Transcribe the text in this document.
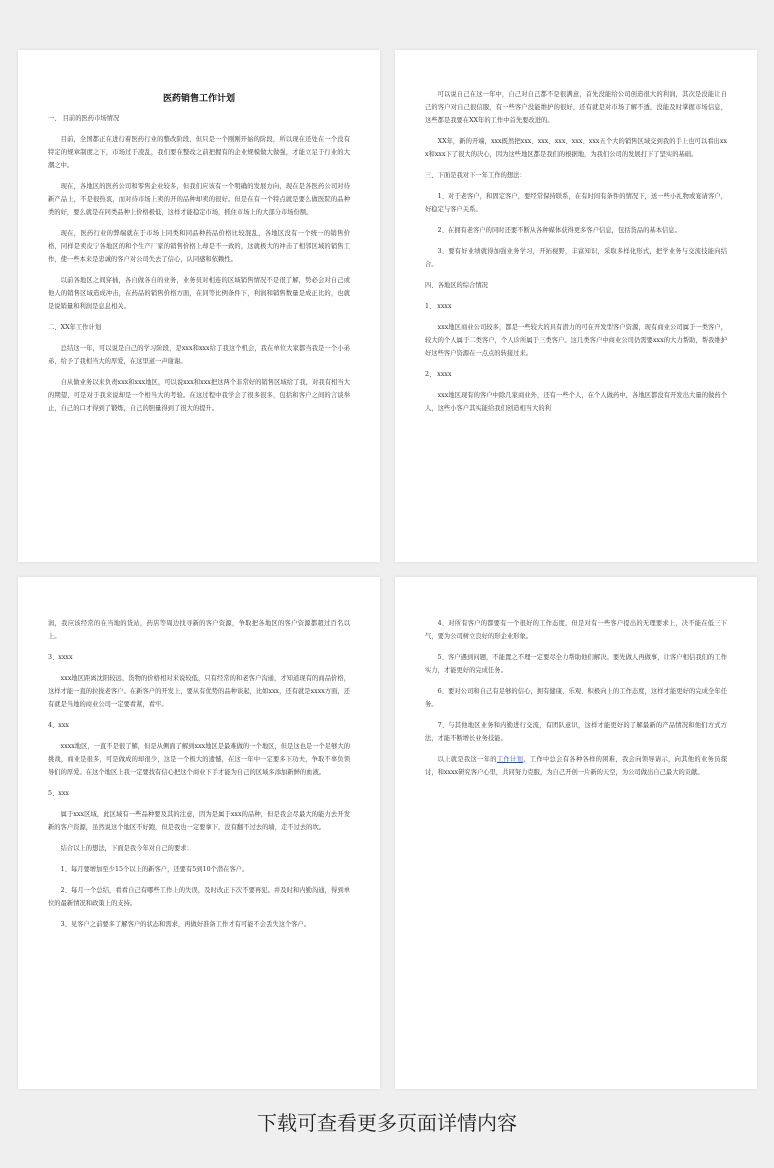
医药销售工作计划

一、 目前的医药市场情况

目前，全国都正在进行着医药行业的整改阶段，但只是一个刚刚开始的阶段，所以现在还处在一个没有特定的规章制度之下，市场过于凌乱，我们要在整改之前把握有的企业规模做大做强，才能立足于行业的大潮之中。

现在，各地区的医药公司和零售企业较多，但我们应该有一个明确的发展方向，现在是各医药公司对待新产品上，不是很热衷，而对待市场上卖的开的品种却卖的很好。但是在有一个特点就是要么做医院的品种类的好，要么就是在同类品种上价格极低，这样才能稳定市场，抓住市场上的大部分市场份额。

现在，医药行业的弊端就在于市场上同类和同品种药品价格比较混乱，各地区没有一个统一的销售价格，同样是卖皮宁各地区的和个生产厂家的销售价格上却是不一致的，这就极大的冲击了相邻区域的销售工作，使一些本来是忠诚的客户对公司失去了信心，认同感和依赖性。

以前各地区之间穿插，各自做各自的业务，业务员对相连的区域销售情况不是很了解，势必会对自己或他人的销售区域造成冲击，在药品的销售价格方面，在同等比例条件下，利润和销售数量是成正比的，也就是说销量和利润是息息相关。

二、XX年工作计划

总结这一年，可以说是自己的学习阶段，是xxx和xxx给了我这个机会，我在单位大家都当我是一个小弟弟，给予了我相当大的厚爱，在这里道一声谢谢。

自从做业务以来负责xxx和xxx地区，可以说xxx和xxx把这两个非常好的销售区域给了我，对我有相当大的期望，可是对于我来说却是一个相当大的考验。在这过程中我学会了很多很多，包括和客户之间的言谈举止，自己的口才得到了锻炼，自己的胆量得到了很大的提升。

可以说自己在这一年中，自己对自己都不是很满意，首先没能给公司创造很大的利润，其次是没能让自己的客户对自己很信服，有一些客户没能维护的很好，还有就是对市场了解不透，没能及时掌握市场信息，这些都是我要在XX年的工作中首先要改进的。

XX年，新的开端，xxx既然把xxx、xxx、xxx、xxx、xxx五个大的销售区域交到我的手上也可以看出xxx和xxx下了很大的决心，因为这些地区都是我们的根据地，为我们公司的发展打下了坚实的基础。

三、下面是我对下一年工作的想法：

1、对于老客户，和固定客户，要经常保持联系，在有时间有条件的情况下，送一些小礼物或宴请客户，好稳定与客户关系。

2、在拥有老客户的同时还要不断从各种媒体获得更多客户信息，包括货品的基本信息。

3、要有好业绩就得加强业务学习，开拓视野，丰富知识，采取多样化形式，把学业务与交流技能向结合。

四、各地区的综合情况

1、 xxxx

xxx地区商业公司较多，都是一些较大的具有潜力的可在开发型客户资源，现有商业公司属于一类客户，较大的个人属于二类客户，个人诊所属于三类客户。这几类客户中商业公司仍需要xxx的大力帮助，帮我维护好这些客户资源在一点点的转接过来。

2、 xxxx

xxx地区现有的客户中除几家商业外，还有一些个人，在个人做药中，各地区都没有开发出大量的做药个人，这些小客户其实能给我们创造相当大的利

润，我应该经常的在当地的货站，药店等周边找寻新的客户资源，争取把各地区的客户资源都超过百名以上。

3、xxxx

xxx地区距离沈阳较远，货物的价格相对来说较低，只有经常的和老客户沟通，才知道现有的商品价格，这样才能一直的拉拢老客户。在新客户的开发上，要从有优势的品种谈起，比如xxx，还有就是xxxx方面，还有就是当地的商业公司一定要看紧，看牢。

4、xxx

xxxx地区，一直不是很了解，但是从侧面了解到xxx地区是最难做的一个地区，但是这也是一个足够大的挑战，商业是很多，可是做成的却很少，这是一个极大的遗憾，在这一年中一定要多下功夫，争取不辜负领导们的厚爱。在这个地区上我一定要找有信心把这个商业下手才能为自己的区域多添加新鲜的血液。

5、xxx

属于xxx区域，此区域有一些品种要及其的注意，因为是属于xxx的品种，但是我会尽最大的能力去开发新的客户资源，虽然说这个地区不好跑，但是我也一定要拿下，没有翻不过去的墙，走不过去的坎。

结合以上的想法，下面是我今年对自己的要求：

1、每月要增加至少15个以上的新客户，还要有5到10个潜在客户。

2、每月一个总结，看看自己有哪些工作上的失误，及时改正下次不要再犯。并及时和内勤沟通，得到单位的最新情况和政策上的支持。

3、见客户之前要多了解客户的状态和需求，再做好准备工作才有可能不会丢失这个客户。

4、对所有客户的都要有一个很好的工作态度，但是对有一些客户提出的无理要求上，决不能在低三下气，要为公司树立良好的形企业形象。

5、客户遇到问题，不能置之不理一定要尽全力帮助他们解决。要先做人再做事，让客户相信我们的工作实力，才能更好的完成任务。

6、要对公司和自己有足够的信心，拥有健康、乐观、积极向上的工作态度，这样才能更好的完成全年任务。

7、与其他地区业务和内勤进行交流，有团队意识，这样才能更好的了解最新的产品情况和他们方式方法，才能不断增长业务技能。

以上就是我这一年的工作计划，工作中总会有各种各样的困难，我会向领导请示，向其他的业务员探讨，和xxxx研究客户心里，共同努力克服，为自己开创一片新的天空，为公司做出自己最大的贡献。

下载可查看更多页面详情内容
